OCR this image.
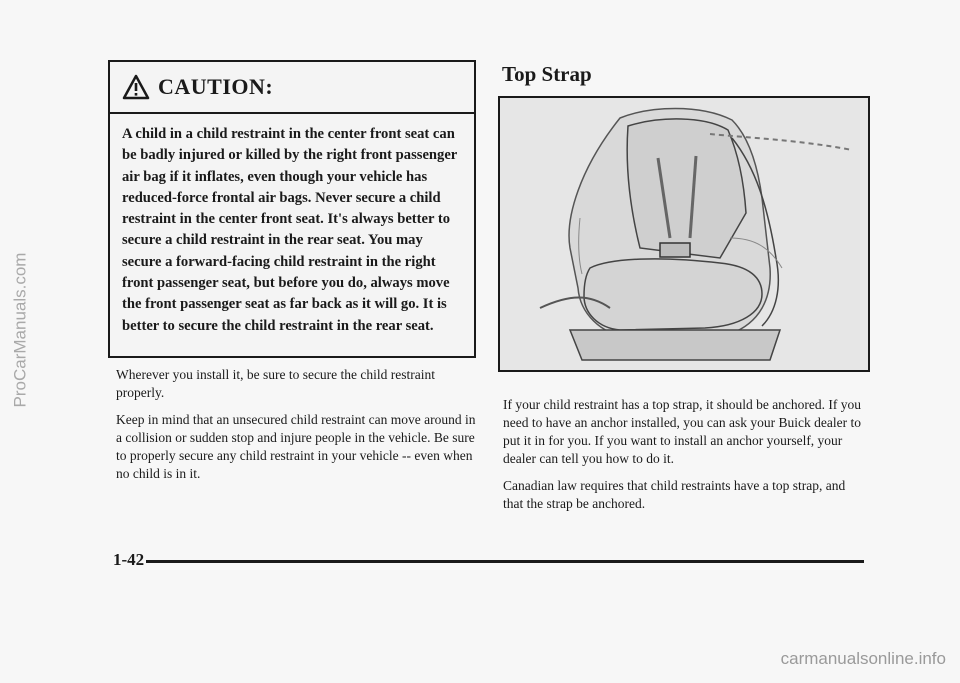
ProCarManuals.com
CAUTION:
A child in a child restraint in the center front seat can be badly injured or killed by the right front passenger air bag if it inflates, even though your vehicle has reduced-force frontal air bags. Never secure a child restraint in the center front seat. It's always better to secure a child restraint in the rear seat. You may secure a forward-facing child restraint in the right front passenger seat, but before you do, always move the front passenger seat as far back as it will go. It is better to secure the child restraint in the rear seat.

Wherever you install it, be sure to secure the child restraint properly.

Keep in mind that an unsecured child restraint can move around in a collision or sudden stop and injure people in the vehicle. Be sure to properly secure any child restraint in your vehicle -- even when no child is in it.

Top Strap

If your child restraint has a top strap, it should be anchored. If you need to have an anchor installed, you can ask your Buick dealer to put it in for you. If you want to install an anchor yourself, your dealer can tell you how to do it.

Canadian law requires that child restraints have a top strap, and that the strap be anchored.

1-42
carmanualsonline.info
